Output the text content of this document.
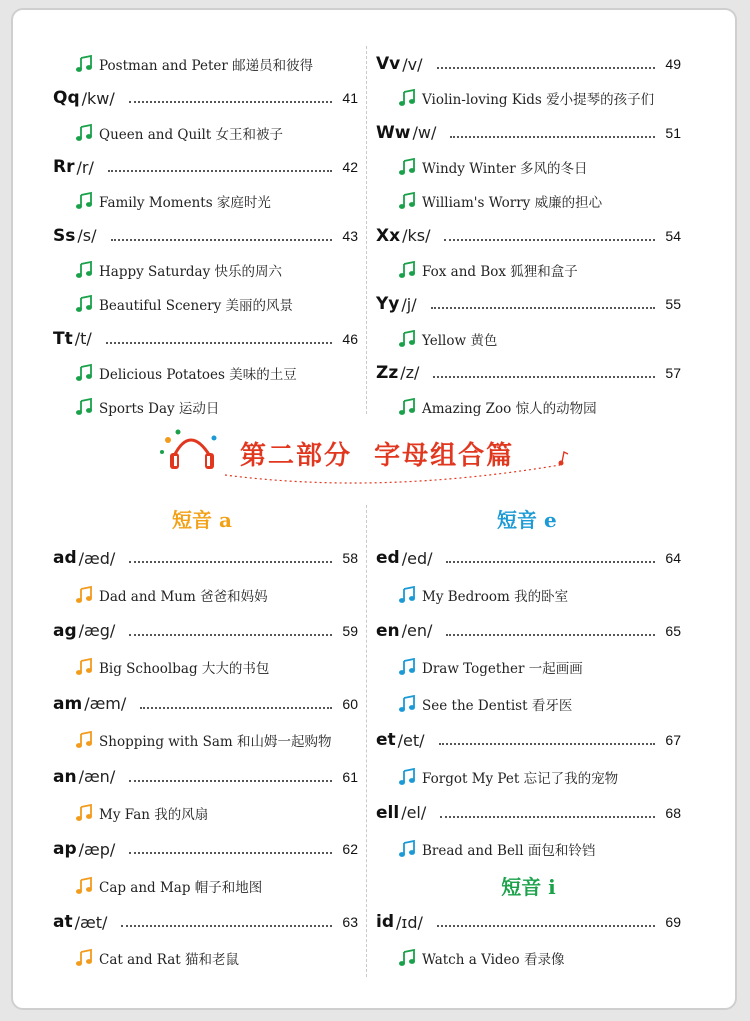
Postman and Peter 邮递员和彼得
Qq /kw/	41
Queen and Quilt 女王和被子
Rr /r/	42
Family Moments 家庭时光
Ss /s/	43
Happy Saturday 快乐的周六
Beautiful Scenery 美丽的风景
Tt /t/	46
Delicious Potatoes 美味的土豆
Sports Day 运动日
Vv /v/	49
Violin-loving Kids 爱小提琴的孩子们
Ww /w/	51
Windy Winter 多风的冬日
William's Worry 威廉的担心
Xx /ks/	54
Fox and Box 狐狸和盒子
Yy /j/	55
Yellow 黄色
Zz /z/	57
Amazing Zoo 惊人的动物园
第二部分  字母组合篇
短音 a	短音 e
ad /æd/	58
Dad and Mum 爸爸和妈妈
ag /æg/	59
Big Schoolbag 大大的书包
am /æm/	60
Shopping with Sam 和山姆一起购物
an /æn/	61
My Fan 我的风扇
ap /æp/	62
Cap and Map 帽子和地图
at /æt/	63
Cat and Rat 猫和老鼠
ed /ed/	64
My Bedroom 我的卧室
en /en/	65
Draw Together 一起画画
See the Dentist 看牙医
et /et/	67
Forgot My Pet 忘记了我的宠物
ell /el/	68
Bread and Bell 面包和铃铛
短音 i
id /ɪd/	69
Watch a Video 看录像
